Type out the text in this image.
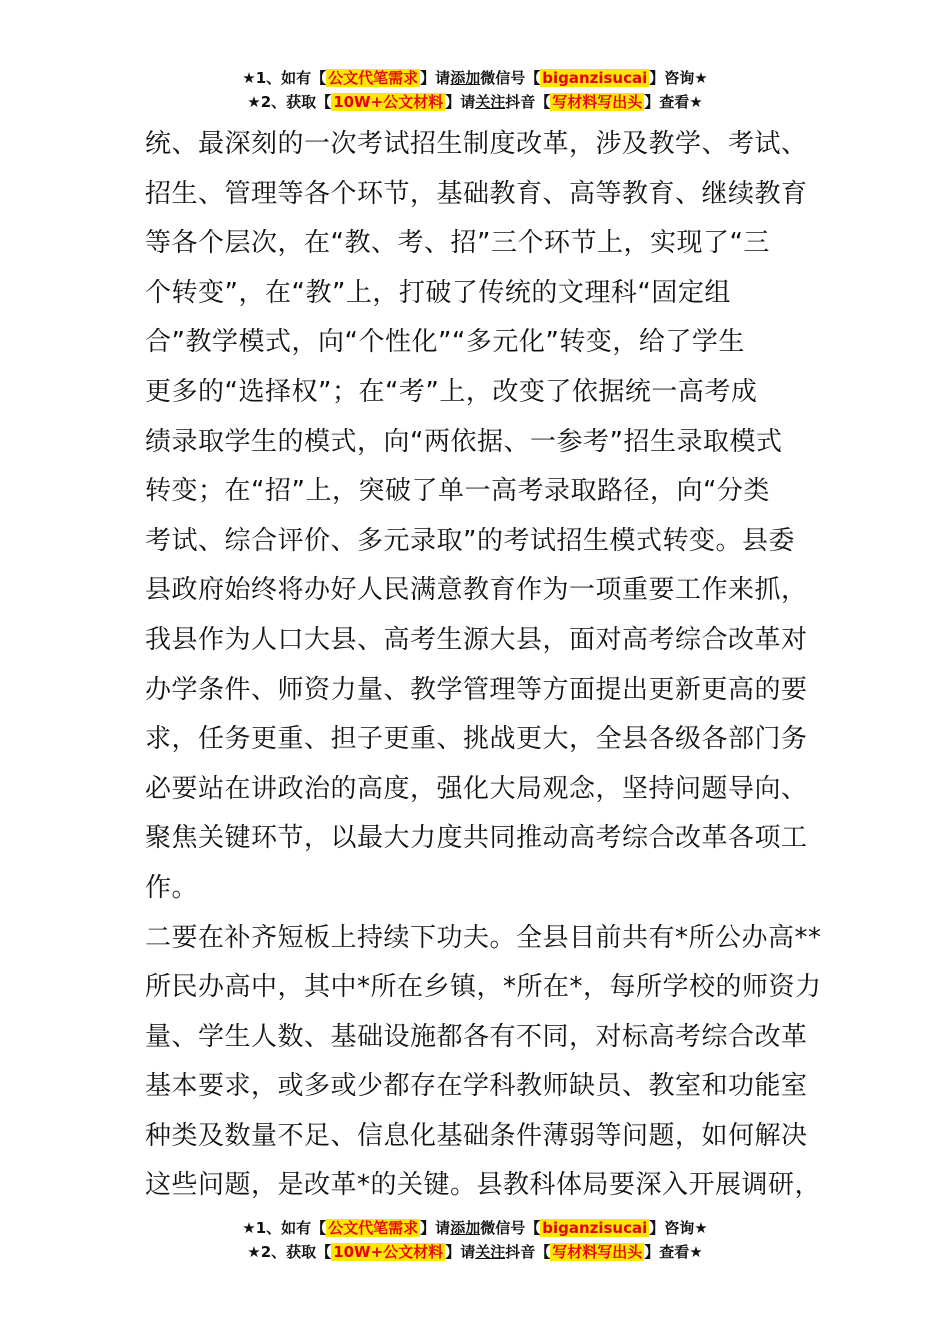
★1、如有【 公文代笔需求 】请添加微信号【 biganzisucai 】咨询★
★2、获取【 10W+公文材料 】请关注抖音【 写材料写出头 】查看★
统、最深刻的一次考试招生制度改革，涉及教学、考试、
招生、管理等各个环节，基础教育、高等教育、继续教育
等各个层次，在“教、考、招”三个环节上，实现了“三
个转变”，在“教”上，打破了传统的文理科“固定组
合”教学模式，向“个性化”“多元化”转变，给了学生
更多的“选择权”；在“考”上，改变了依据统一高考成
绩录取学生的模式，向“两依据、一参考”招生录取模式
转变；在“招”上，突破了单一高考录取路径，向“分类
考试、综合评价、多元录取”的考试招生模式转变。县委
县政府始终将办好人民满意教育作为一项重要工作来抓，
我县作为人口大县、高考生源大县，面对高考综合改革对
办学条件、师资力量、教学管理等方面提出更新更高的要
求，任务更重、担子更重、挑战更大，全县各级各部门务
必要站在讲政治的高度，强化大局观念，坚持问题导向、
聚焦关键环节，以最大力度共同推动高考综合改革各项工
作。
二要在补齐短板上持续下功夫。全县目前共有*所公办高**
所民办高中，其中*所在乡镇，*所在*，每所学校的师资力
量、学生人数、基础设施都各有不同，对标高考综合改革
基本要求，或多或少都存在学科教师缺员、教室和功能室
种类及数量不足、信息化基础条件薄弱等问题，如何解决
这些问题，是改革*的关键。县教科体局要深入开展调研，
★1、如有【 公文代笔需求 】请添加微信号【 biganzisucai 】咨询★
★2、获取【 10W+公文材料 】请关注抖音【 写材料写出头 】查看★
